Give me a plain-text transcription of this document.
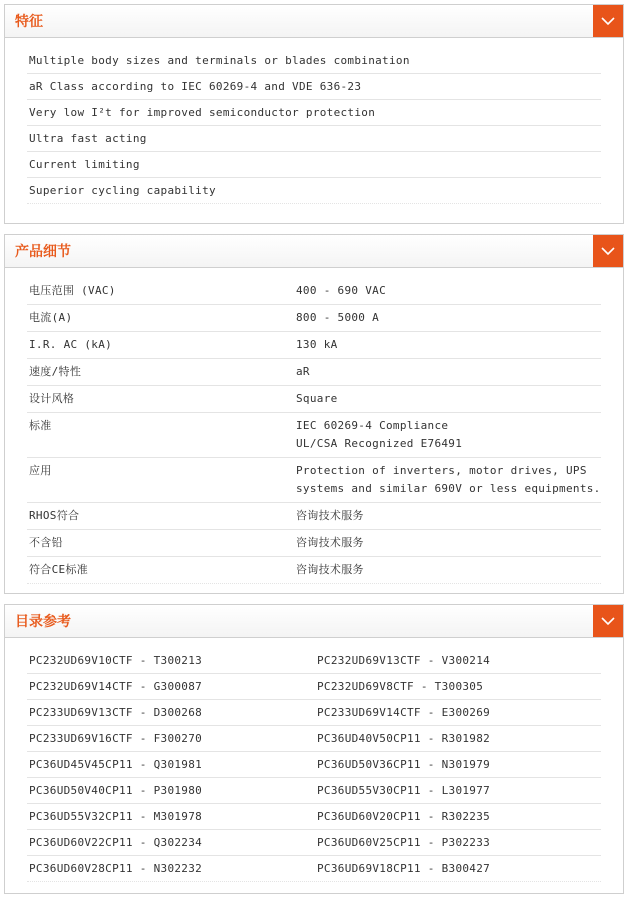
特征
Multiple body sizes and terminals or blades combination
aR Class according to IEC 60269-4 and VDE 636-23
Very low I²t for improved semiconductor protection
Ultra fast acting
Current limiting
Superior cycling capability
产品细节
电压范围 (VAC)	400 - 690 VAC
电流(A)	800 - 5000 A
I.R. AC (kA)	130 kA
速度/特性	aR
设计风格	Square
标准	IEC 60269-4 Compliance
UL/CSA Recognized E76491
应用	Protection of inverters, motor drives, UPS systems and similar 690V or less equipments.
RHOS符合	咨询技术服务
不含铅	咨询技术服务
符合CE标准	咨询技术服务
目录参考
PC232UD69V10CTF - T300213	PC232UD69V13CTF - V300214
PC232UD69V14CTF - G300087	PC232UD69V8CTF - T300305
PC233UD69V13CTF - D300268	PC233UD69V14CTF - E300269
PC233UD69V16CTF - F300270	PC36UD40V50CP11 - R301982
PC36UD45V45CP11 - Q301981	PC36UD50V36CP11 - N301979
PC36UD50V40CP11 - P301980	PC36UD55V30CP11 - L301977
PC36UD55V32CP11 - M301978	PC36UD60V20CP11 - R302235
PC36UD60V22CP11 - Q302234	PC36UD60V25CP11 - P302233
PC36UD60V28CP11 - N302232	PC36UD69V18CP11 - B300427
